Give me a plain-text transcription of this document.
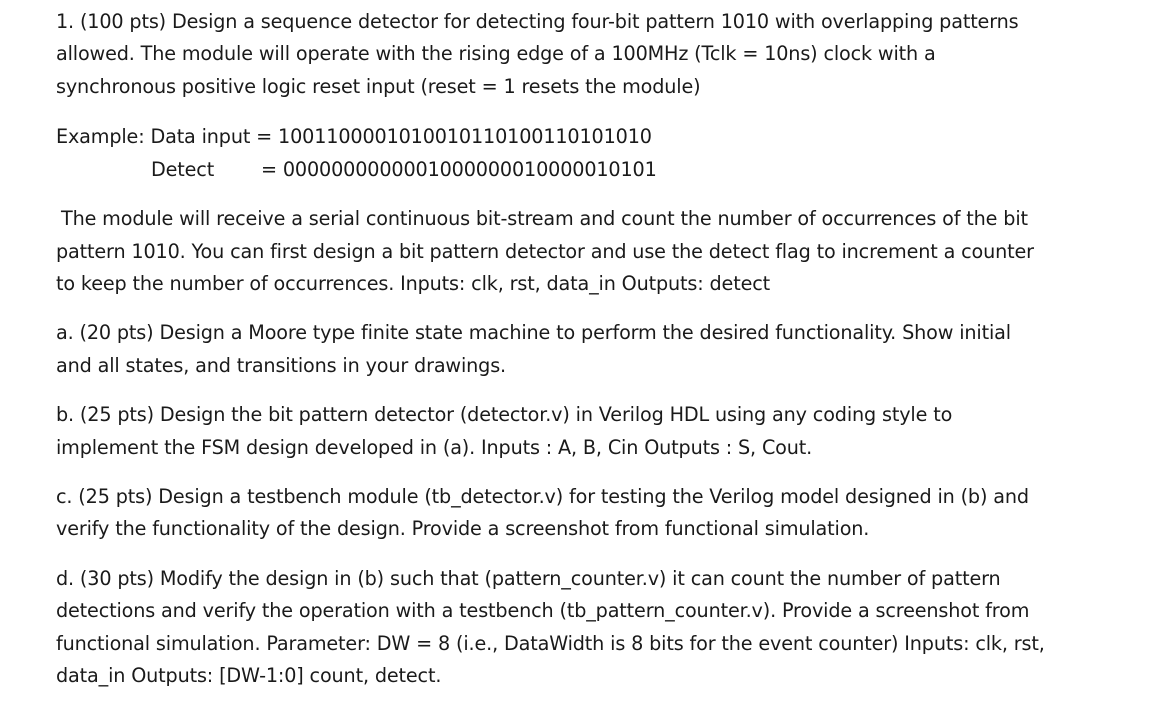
1. (100 pts) Design a sequence detector for detecting four-bit pattern 1010 with overlapping patterns
allowed. The module will operate with the rising edge of a 100MHz (Tclk = 10ns) clock with a
synchronous positive logic reset input (reset = 1 resets the module)
Example: Data input = 1001100001010010110100110101010
Detect	= 0000000000001000000010000010101
The module will receive a serial continuous bit-stream and count the number of occurrences of the bit
pattern 1010. You can first design a bit pattern detector and use the detect flag to increment a counter
to keep the number of occurrences. Inputs: clk, rst, data_in Outputs: detect
a. (20 pts) Design a Moore type finite state machine to perform the desired functionality. Show initial
and all states, and transitions in your drawings.
b. (25 pts) Design the bit pattern detector (detector.v) in Verilog HDL using any coding style to
implement the FSM design developed in (a). Inputs : A, B, Cin Outputs : S, Cout.
c. (25 pts) Design a testbench module (tb_detector.v) for testing the Verilog model designed in (b) and
verify the functionality of the design. Provide a screenshot from functional simulation.
d. (30 pts) Modify the design in (b) such that (pattern_counter.v) it can count the number of pattern
detections and verify the operation with a testbench (tb_pattern_counter.v). Provide a screenshot from
functional simulation. Parameter: DW = 8 (i.e., DataWidth is 8 bits for the event counter) Inputs: clk, rst,
data_in Outputs: [DW-1:0] count, detect.
